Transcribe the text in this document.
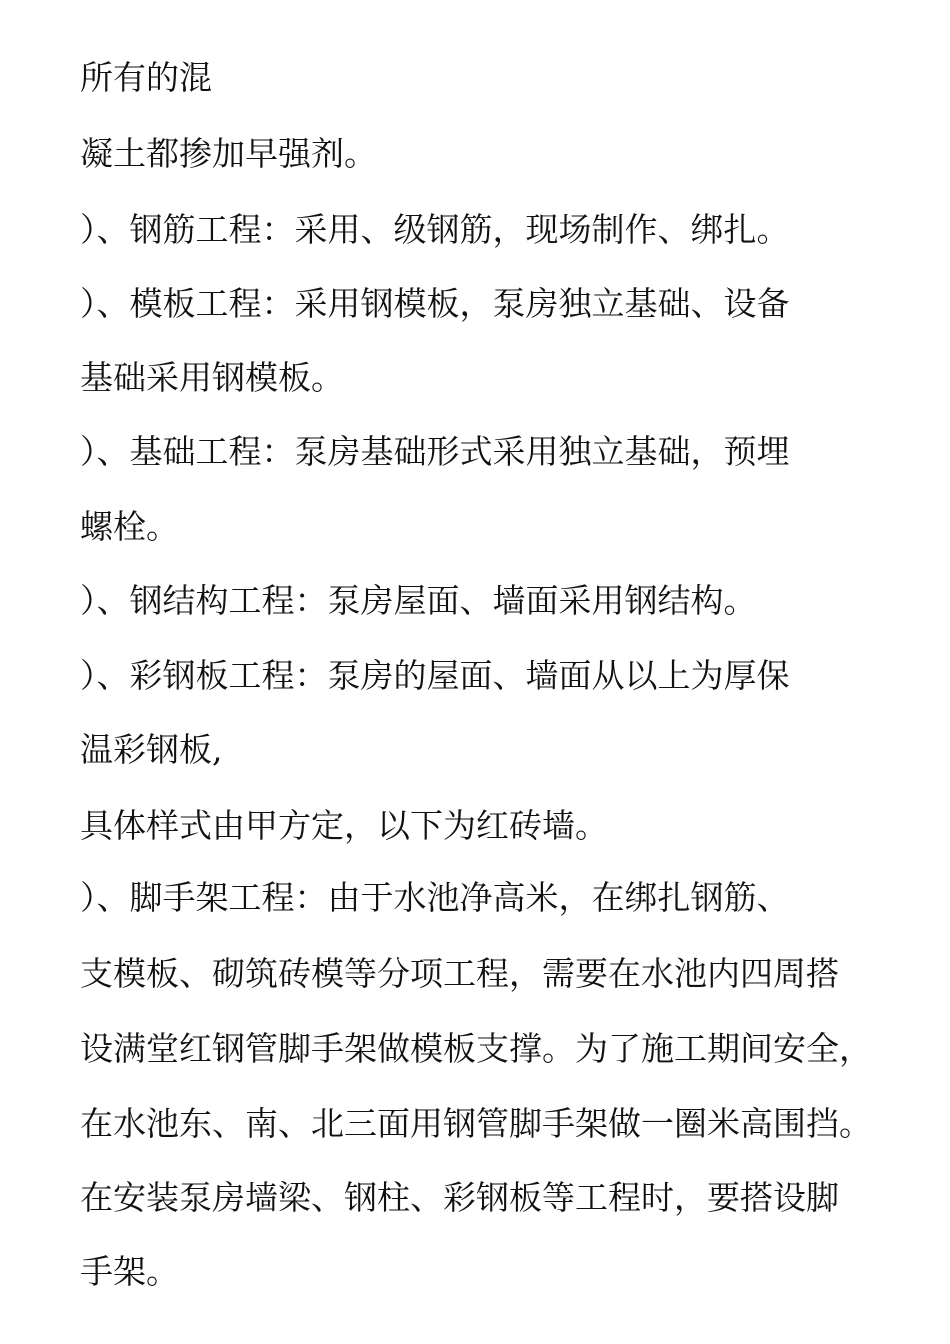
所有的混

凝土都掺加早强剂。

）、钢筋工程：采用、级钢筋，现场制作、绑扎。

）、模板工程：采用钢模板，泵房独立基础、设备

基础采用钢模板。

）、基础工程：泵房基础形式采用独立基础，预埋

螺栓。

）、钢结构工程：泵房屋面、墙面采用钢结构。

）、彩钢板工程：泵房的屋面、墙面从以上为厚保

温彩钢板,

具体样式由甲方定，以下为红砖墙。

）、脚手架工程：由于水池净高米，在绑扎钢筋、

支模板、砌筑砖模等分项工程，需要在水池内四周搭

设满堂红钢管脚手架做模板支撑。为了施工期间安全，

在水池东、南、北三面用钢管脚手架做一圈米高围挡。

在安装泵房墙梁、钢柱、彩钢板等工程时，要搭设脚

手架。
